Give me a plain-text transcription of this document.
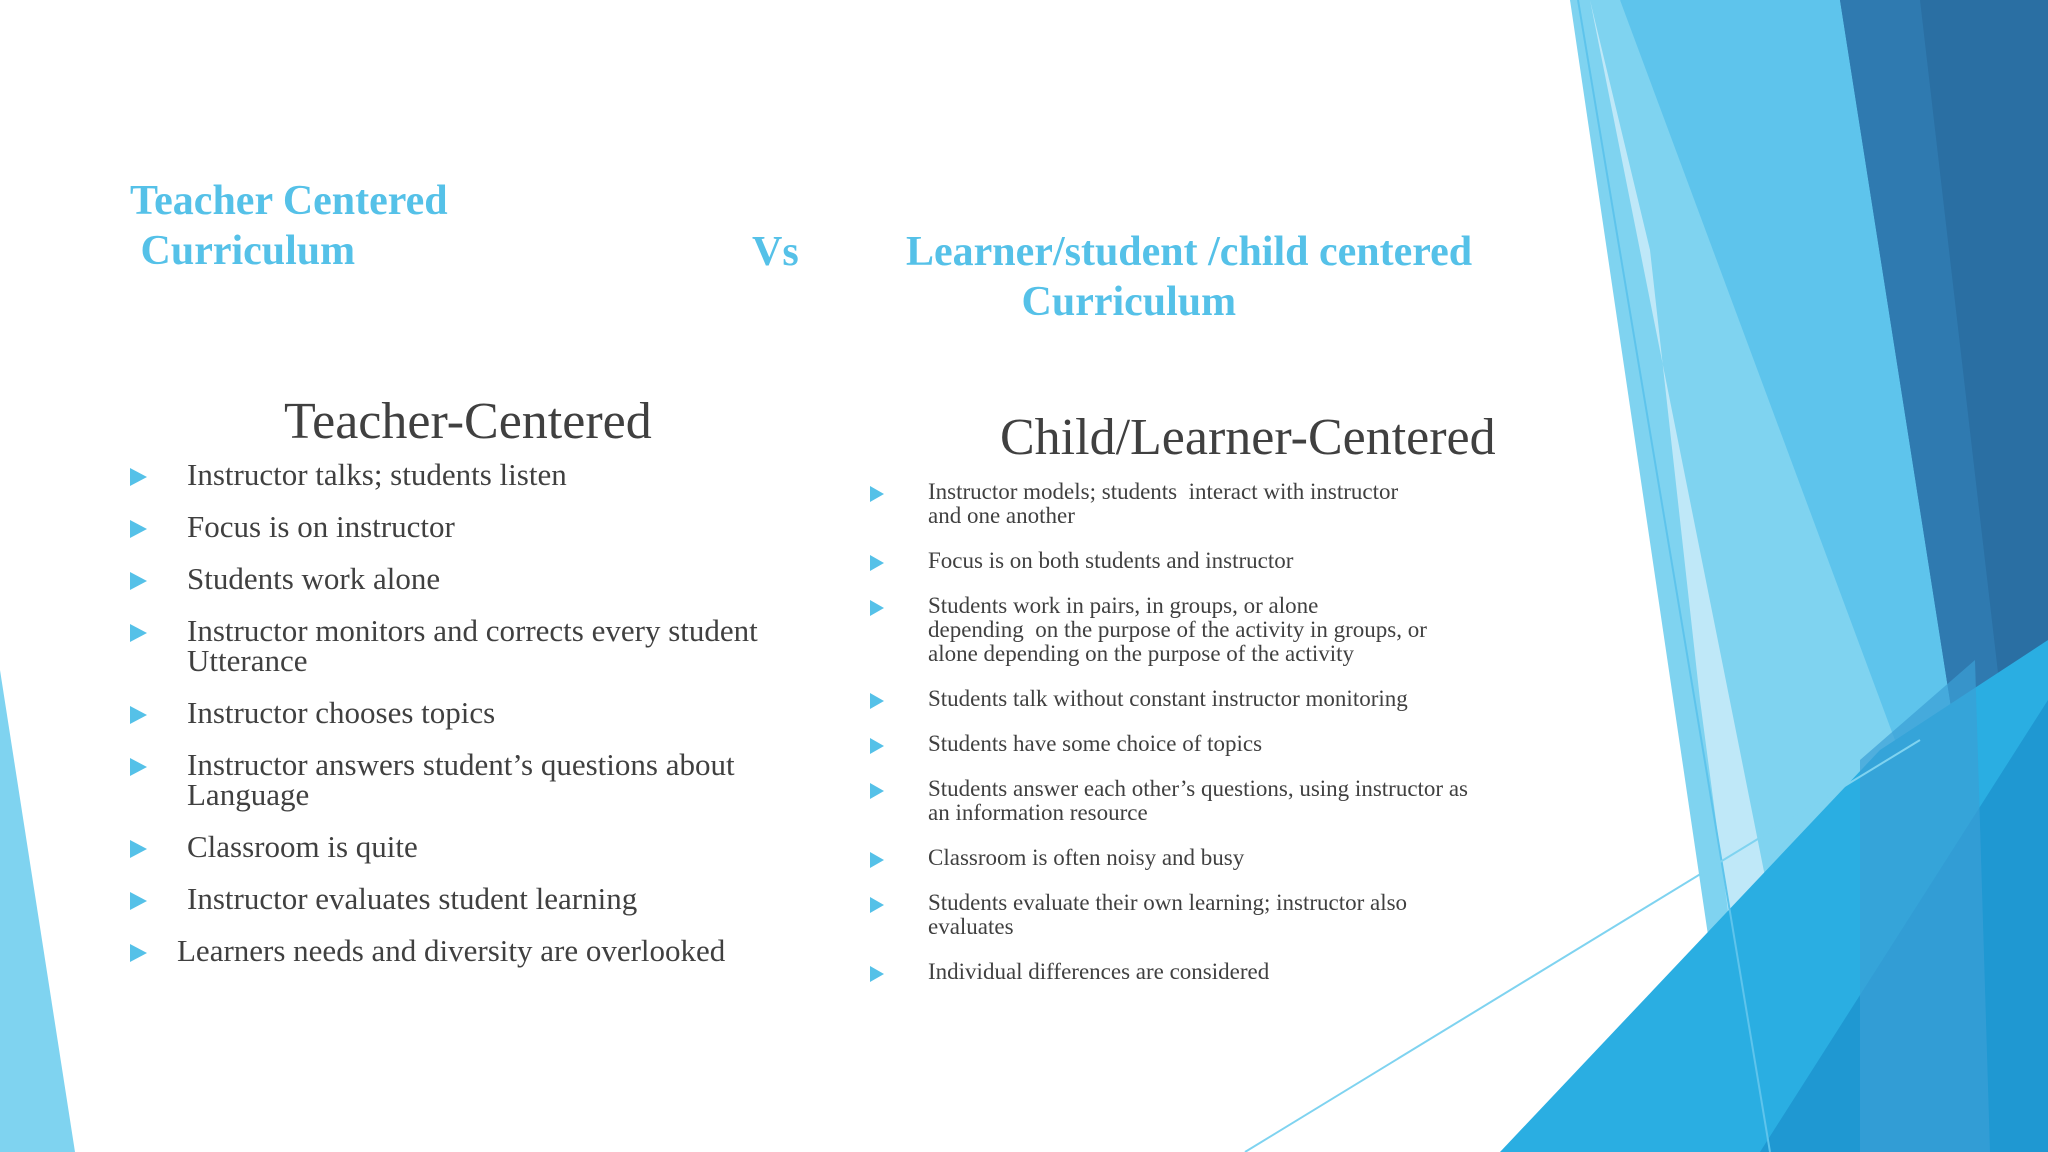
Teacher Centered
Curriculum	Vs	Learner/student /child centered
Curriculum
Teacher-Centered	Child/Learner-Centered
Instructor talks; students listen
Focus is on instructor
Students work alone
Instructor monitors and corrects every student
Utterance
Instructor chooses topics
Instructor answers student’s questions about
Language
Classroom is quite
Instructor evaluates student learning
Learners needs and diversity are overlooked
Instructor models; students  interact with instructor
and one another
Focus is on both students and instructor
Students work in pairs, in groups, or alone
depending  on the purpose of the activity in groups, or
alone depending on the purpose of the activity
Students talk without constant instructor monitoring
Students have some choice of topics
Students answer each other’s questions, using instructor as
an information resource
Classroom is often noisy and busy
Students evaluate their own learning; instructor also
evaluates
Individual differences are considered
